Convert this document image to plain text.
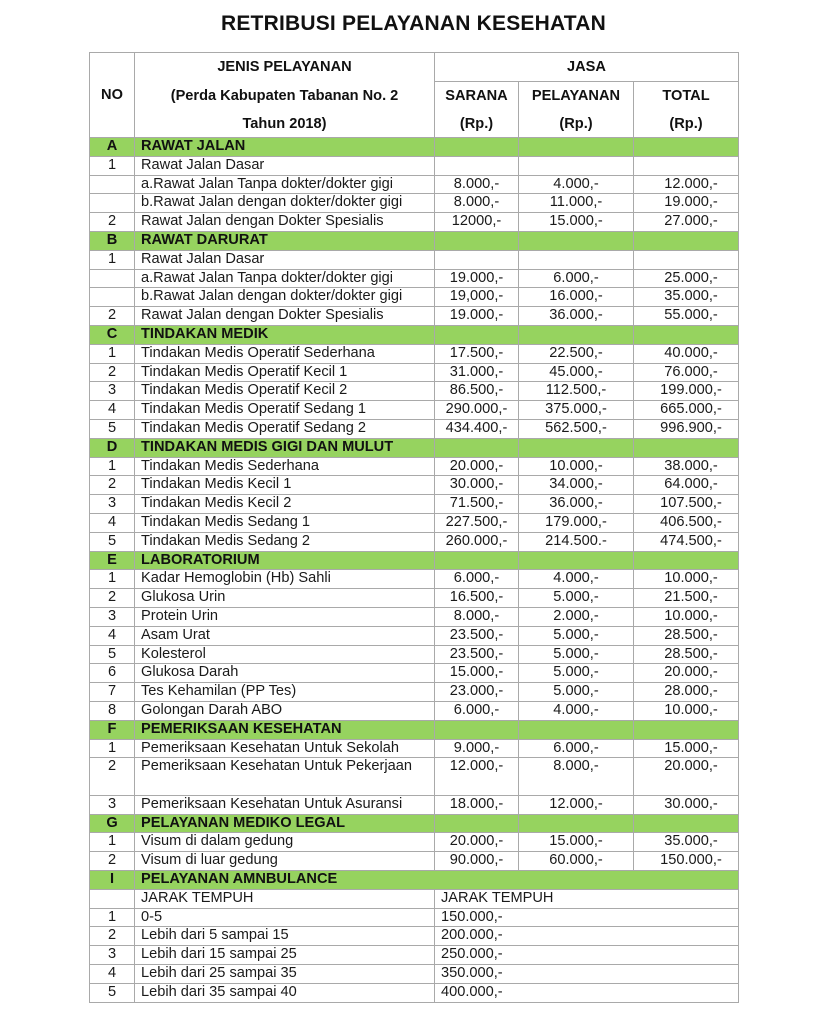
RETRIBUSI PELAYANAN KESEHATAN
NO	JENIS PELAYANAN	JASA		
	(Perda Kabupaten Tabanan No. 2	SARANA	PELAYANAN	TOTAL
	Tahun 2018)	(Rp.)	(Rp.)	(Rp.)
A	RAWAT JALAN			
1	Rawat Jalan Dasar			
	a.Rawat Jalan Tanpa dokter/dokter gigi	8.000,-	4.000,-	12.000,-
	b.Rawat Jalan dengan dokter/dokter gigi	8.000,-	11.000,-	19.000,-
2	Rawat Jalan dengan Dokter Spesialis	12000,-	15.000,-	27.000,-
B	RAWAT DARURAT			
1	Rawat Jalan Dasar			
	a.Rawat Jalan Tanpa dokter/dokter gigi	19.000,-	6.000,-	25.000,-
	b.Rawat Jalan dengan dokter/dokter gigi	19,000,-	16.000,-	35.000,-
2	Rawat Jalan dengan Dokter Spesialis	19.000,-	36.000,-	55.000,-
C	TINDAKAN MEDIK			
1	Tindakan Medis Operatif Sederhana	17.500,-	22.500,-	40.000,-
2	Tindakan Medis Operatif Kecil 1	31.000,-	45.000,-	76.000,-
3	Tindakan Medis Operatif Kecil 2	86.500,-	112.500,-	199.000,-
4	Tindakan Medis Operatif Sedang 1	290.000,-	375.000,-	665.000,-
5	Tindakan Medis Operatif Sedang 2	434.400,-	562.500,-	996.900,-
D	TINDAKAN MEDIS GIGI DAN MULUT			
1	Tindakan Medis Sederhana	20.000,-	10.000,-	38.000,-
2	Tindakan Medis Kecil 1	30.000,-	34.000,-	64.000,-
3	Tindakan Medis Kecil 2	71.500,-	36.000,-	107.500,-
4	Tindakan Medis Sedang 1	227.500,-	179.000,-	406.500,-
5	Tindakan Medis Sedang 2	260.000,-	214.500.-	474.500,-
E	LABORATORIUM			
1	Kadar Hemoglobin (Hb) Sahli	6.000,-	4.000,-	10.000,-
2	Glukosa Urin	16.500,-	5.000,-	21.500,-
3	Protein Urin	8.000,-	2.000,-	10.000,-
4	Asam Urat	23.500,-	5.000,-	28.500,-
5	Kolesterol	23.500,-	5.000,-	28.500,-
6	Glukosa Darah	15.000,-	5.000,-	20.000,-
7	Tes Kehamilan (PP Tes)	23.000,-	5.000,-	28.000,-
8	Golongan Darah ABO	6.000,-	4.000,-	10.000,-
F	PEMERIKSAAN KESEHATAN			
1	Pemeriksaan Kesehatan Untuk Sekolah	9.000,-	6.000,-	15.000,-
2	Pemeriksaan Kesehatan Untuk Pekerjaan	12.000,-	8.000,-	20.000,-
3	Pemeriksaan Kesehatan Untuk Asuransi	18.000,-	12.000,-	30.000,-
G	PELAYANAN MEDIKO LEGAL			
1	Visum di dalam gedung	20.000,-	15.000,-	35.000,-
2	Visum di luar gedung	90.000,-	60.000,-	150.000,-
I	PELAYANAN AMNBULANCE			
	JARAK TEMPUH	JARAK TEMPUH		
1	0-5	150.000,-		
2	Lebih dari 5 sampai 15	200.000,-		
3	Lebih dari 15 sampai 25	250.000,-		
4	Lebih dari 25 sampai 35	350.000,-		
5	Lebih dari 35 sampai 40	400.000,-		
